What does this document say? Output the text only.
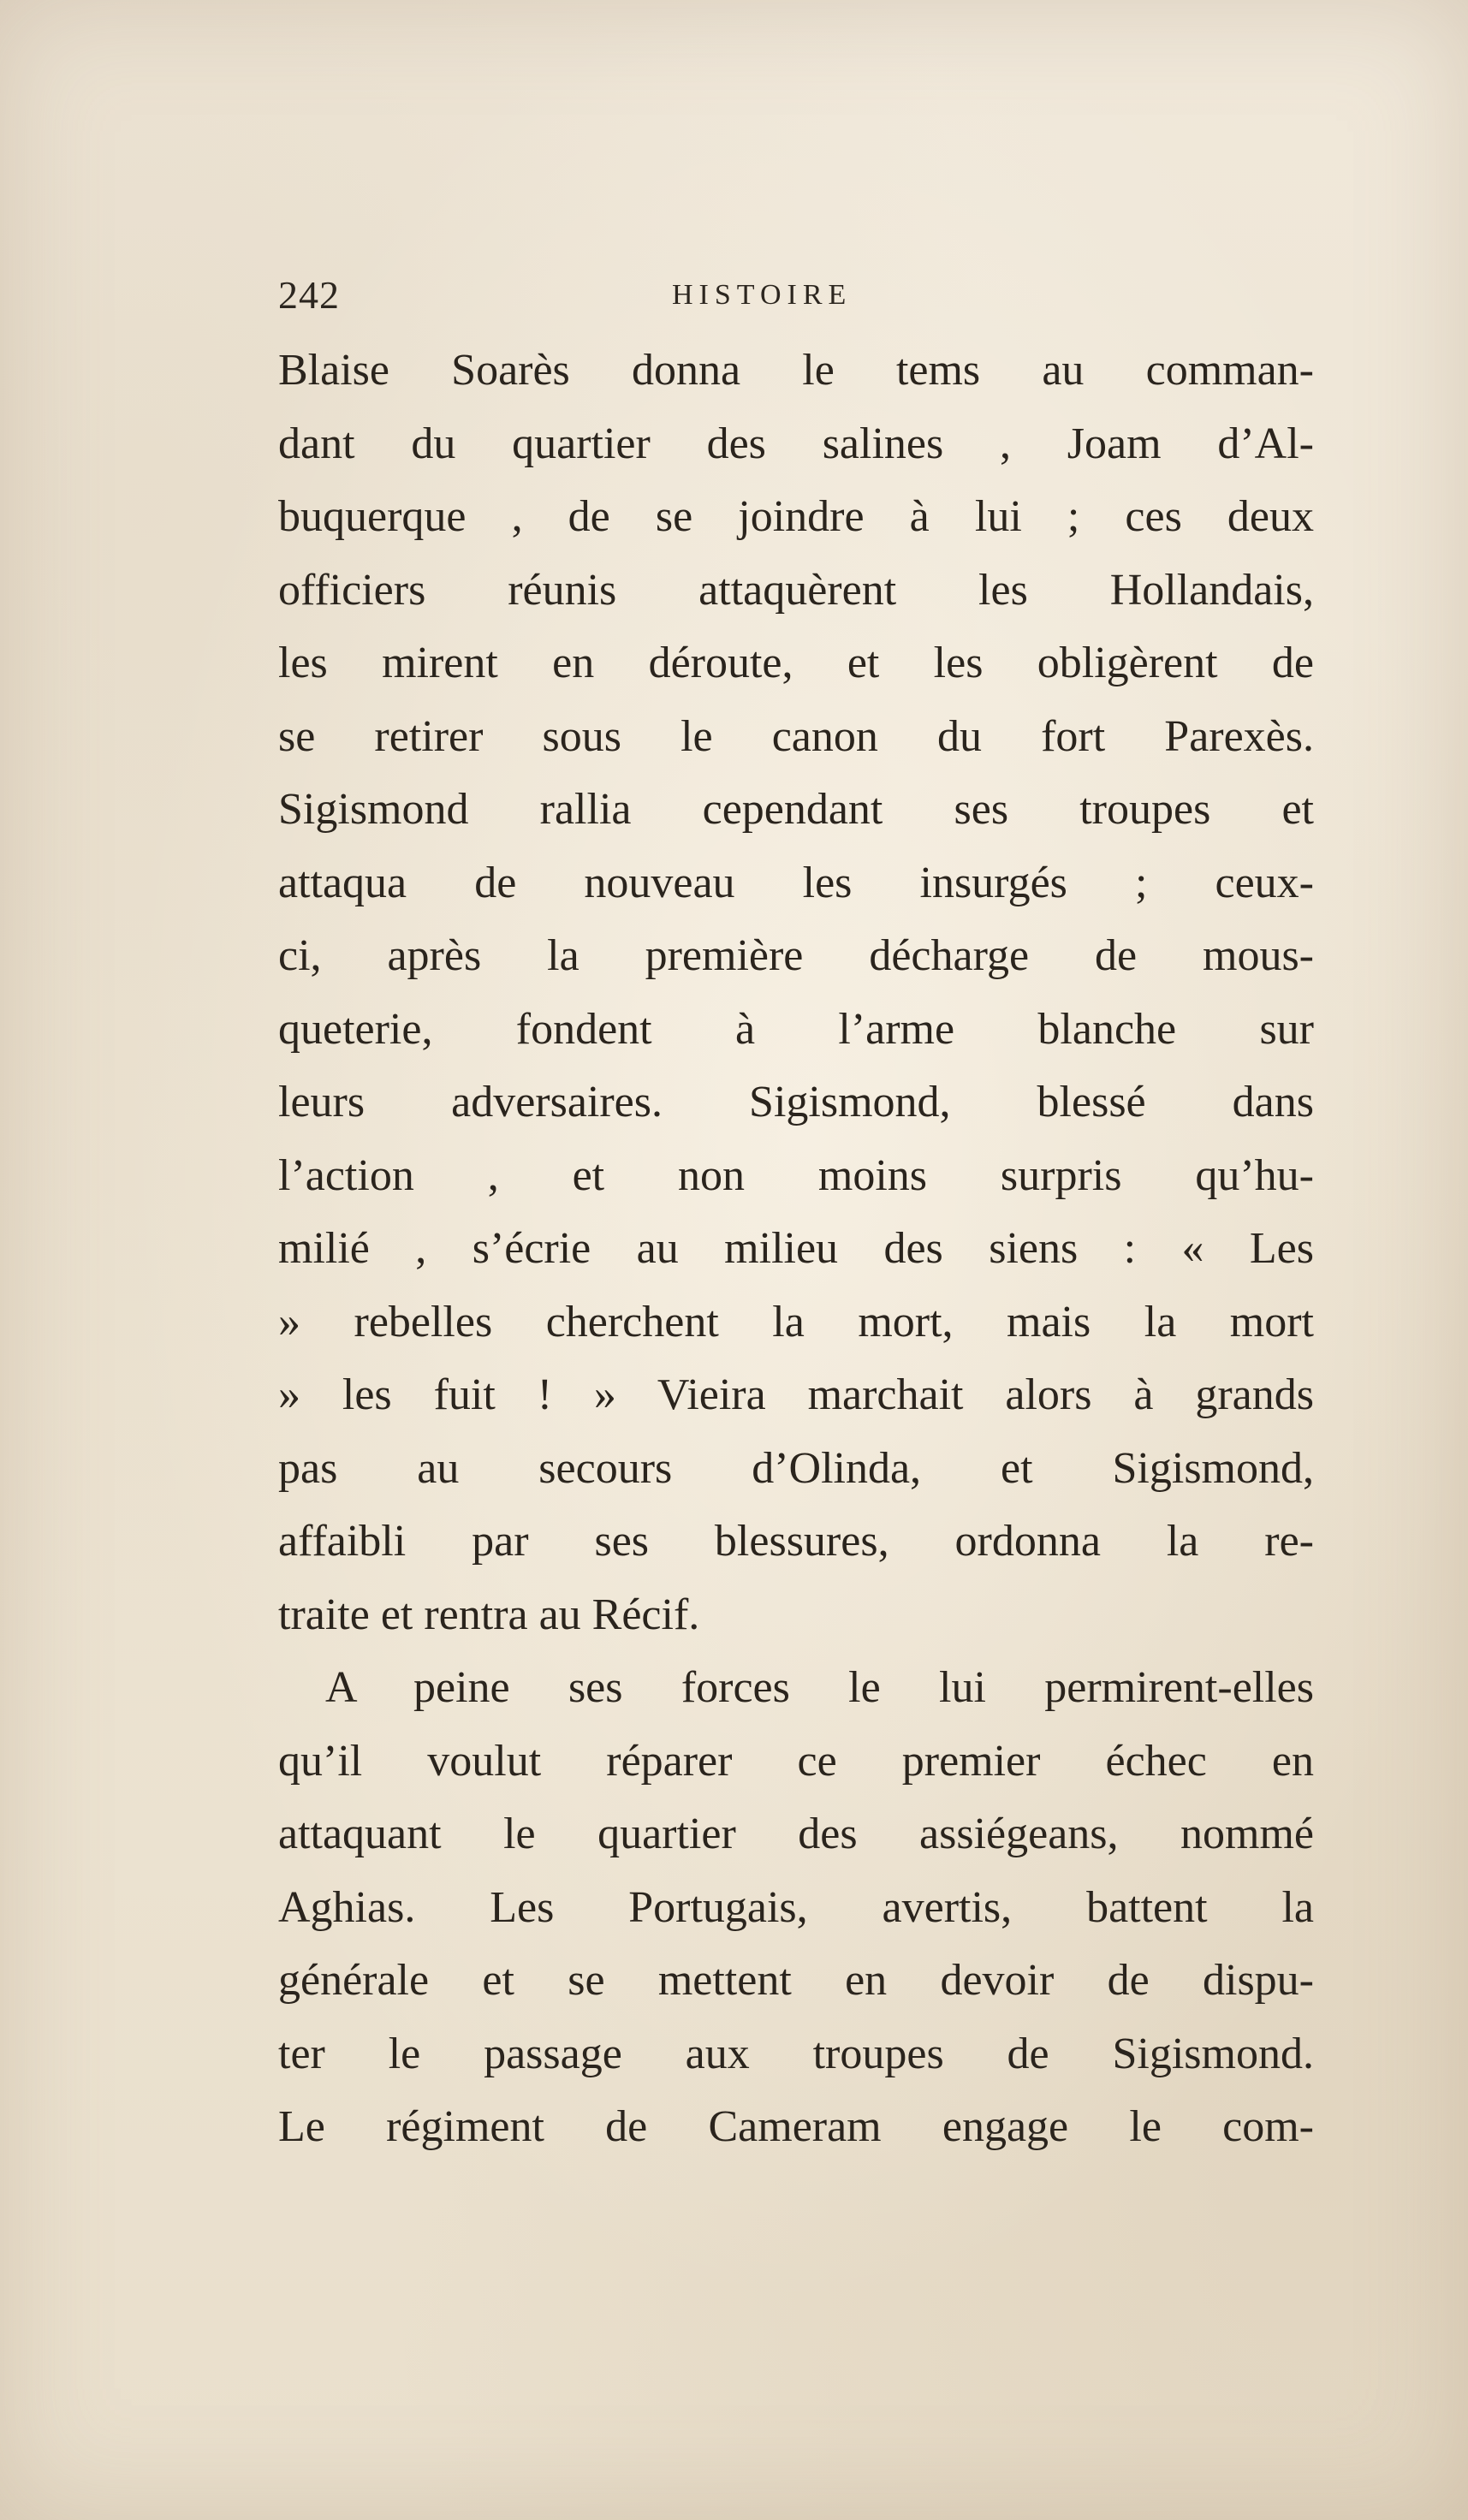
242	HISTOIRE
Blaise Soarès donna le tems au comman-
dant du quartier des salines , Joam d’Al-
buquerque , de se joindre à lui ; ces deux
officiers réunis attaquèrent les Hollandais,
les mirent en déroute, et les obligèrent de
se retirer sous le canon du fort Parexès.
Sigismond rallia cependant ses troupes et
attaqua de nouveau les insurgés ; ceux-
ci, après la première décharge de mous-
queterie, fondent à l’arme blanche sur
leurs adversaires. Sigismond, blessé dans
l’action , et non moins surpris qu’hu-
milié , s’écrie au milieu des siens : « Les
» rebelles cherchent la mort, mais la mort
» les fuit ! » Vieira marchait alors à grands
pas au secours d’Olinda, et Sigismond,
affaibli par ses blessures, ordonna la re-
traite et rentra au Récif.
A peine ses forces le lui permirent-elles
qu’il voulut réparer ce premier échec en
attaquant le quartier des assiégeans, nommé
Aghias. Les Portugais, avertis, battent la
générale et se mettent en devoir de dispu-
ter le passage aux troupes de Sigismond.
Le régiment de Cameram engage le com-
